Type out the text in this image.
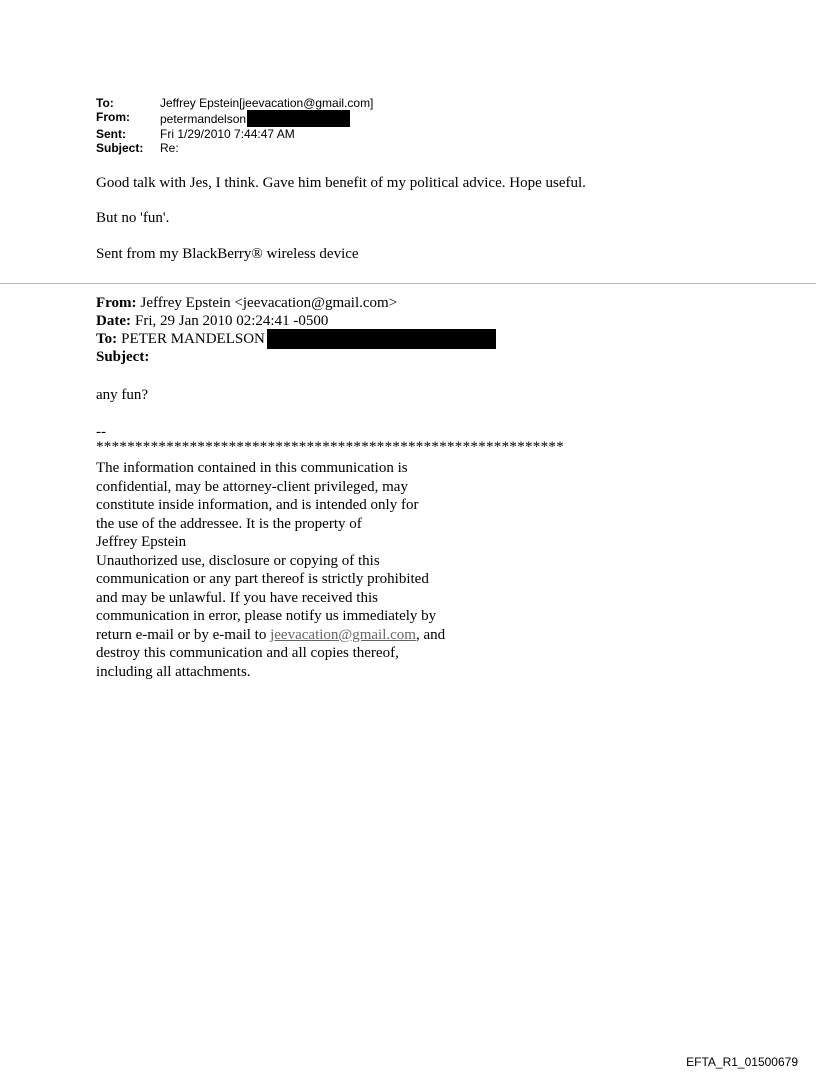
To:	Jeffrey Epstein[jeevacation@gmail.com]
From:	petermandelson
Sent:	Fri 1/29/2010 7:44:47 AM
Subject:	Re:
Good talk with Jes, I think. Gave him benefit of my political advice. Hope useful.
But no 'fun'.
Sent from my BlackBerry® wireless device
From: Jeffrey Epstein <jeevacation@gmail.com>
Date: Fri, 29 Jan 2010 02:24:41 -0500
To: PETER MANDELSON
Subject:
any fun?
--
************************************************************
The information contained in this communication is
confidential, may be attorney-client privileged, may
constitute inside information, and is intended only for
the use of the addressee. It is the property of
Jeffrey Epstein
Unauthorized use, disclosure or copying of this
communication or any part thereof is strictly prohibited
and may be unlawful. If you have received this
communication in error, please notify us immediately by
return e-mail or by e-mail to jeevacation@gmail.com, and
destroy this communication and all copies thereof,
including all attachments.
EFTA_R1_01500679
